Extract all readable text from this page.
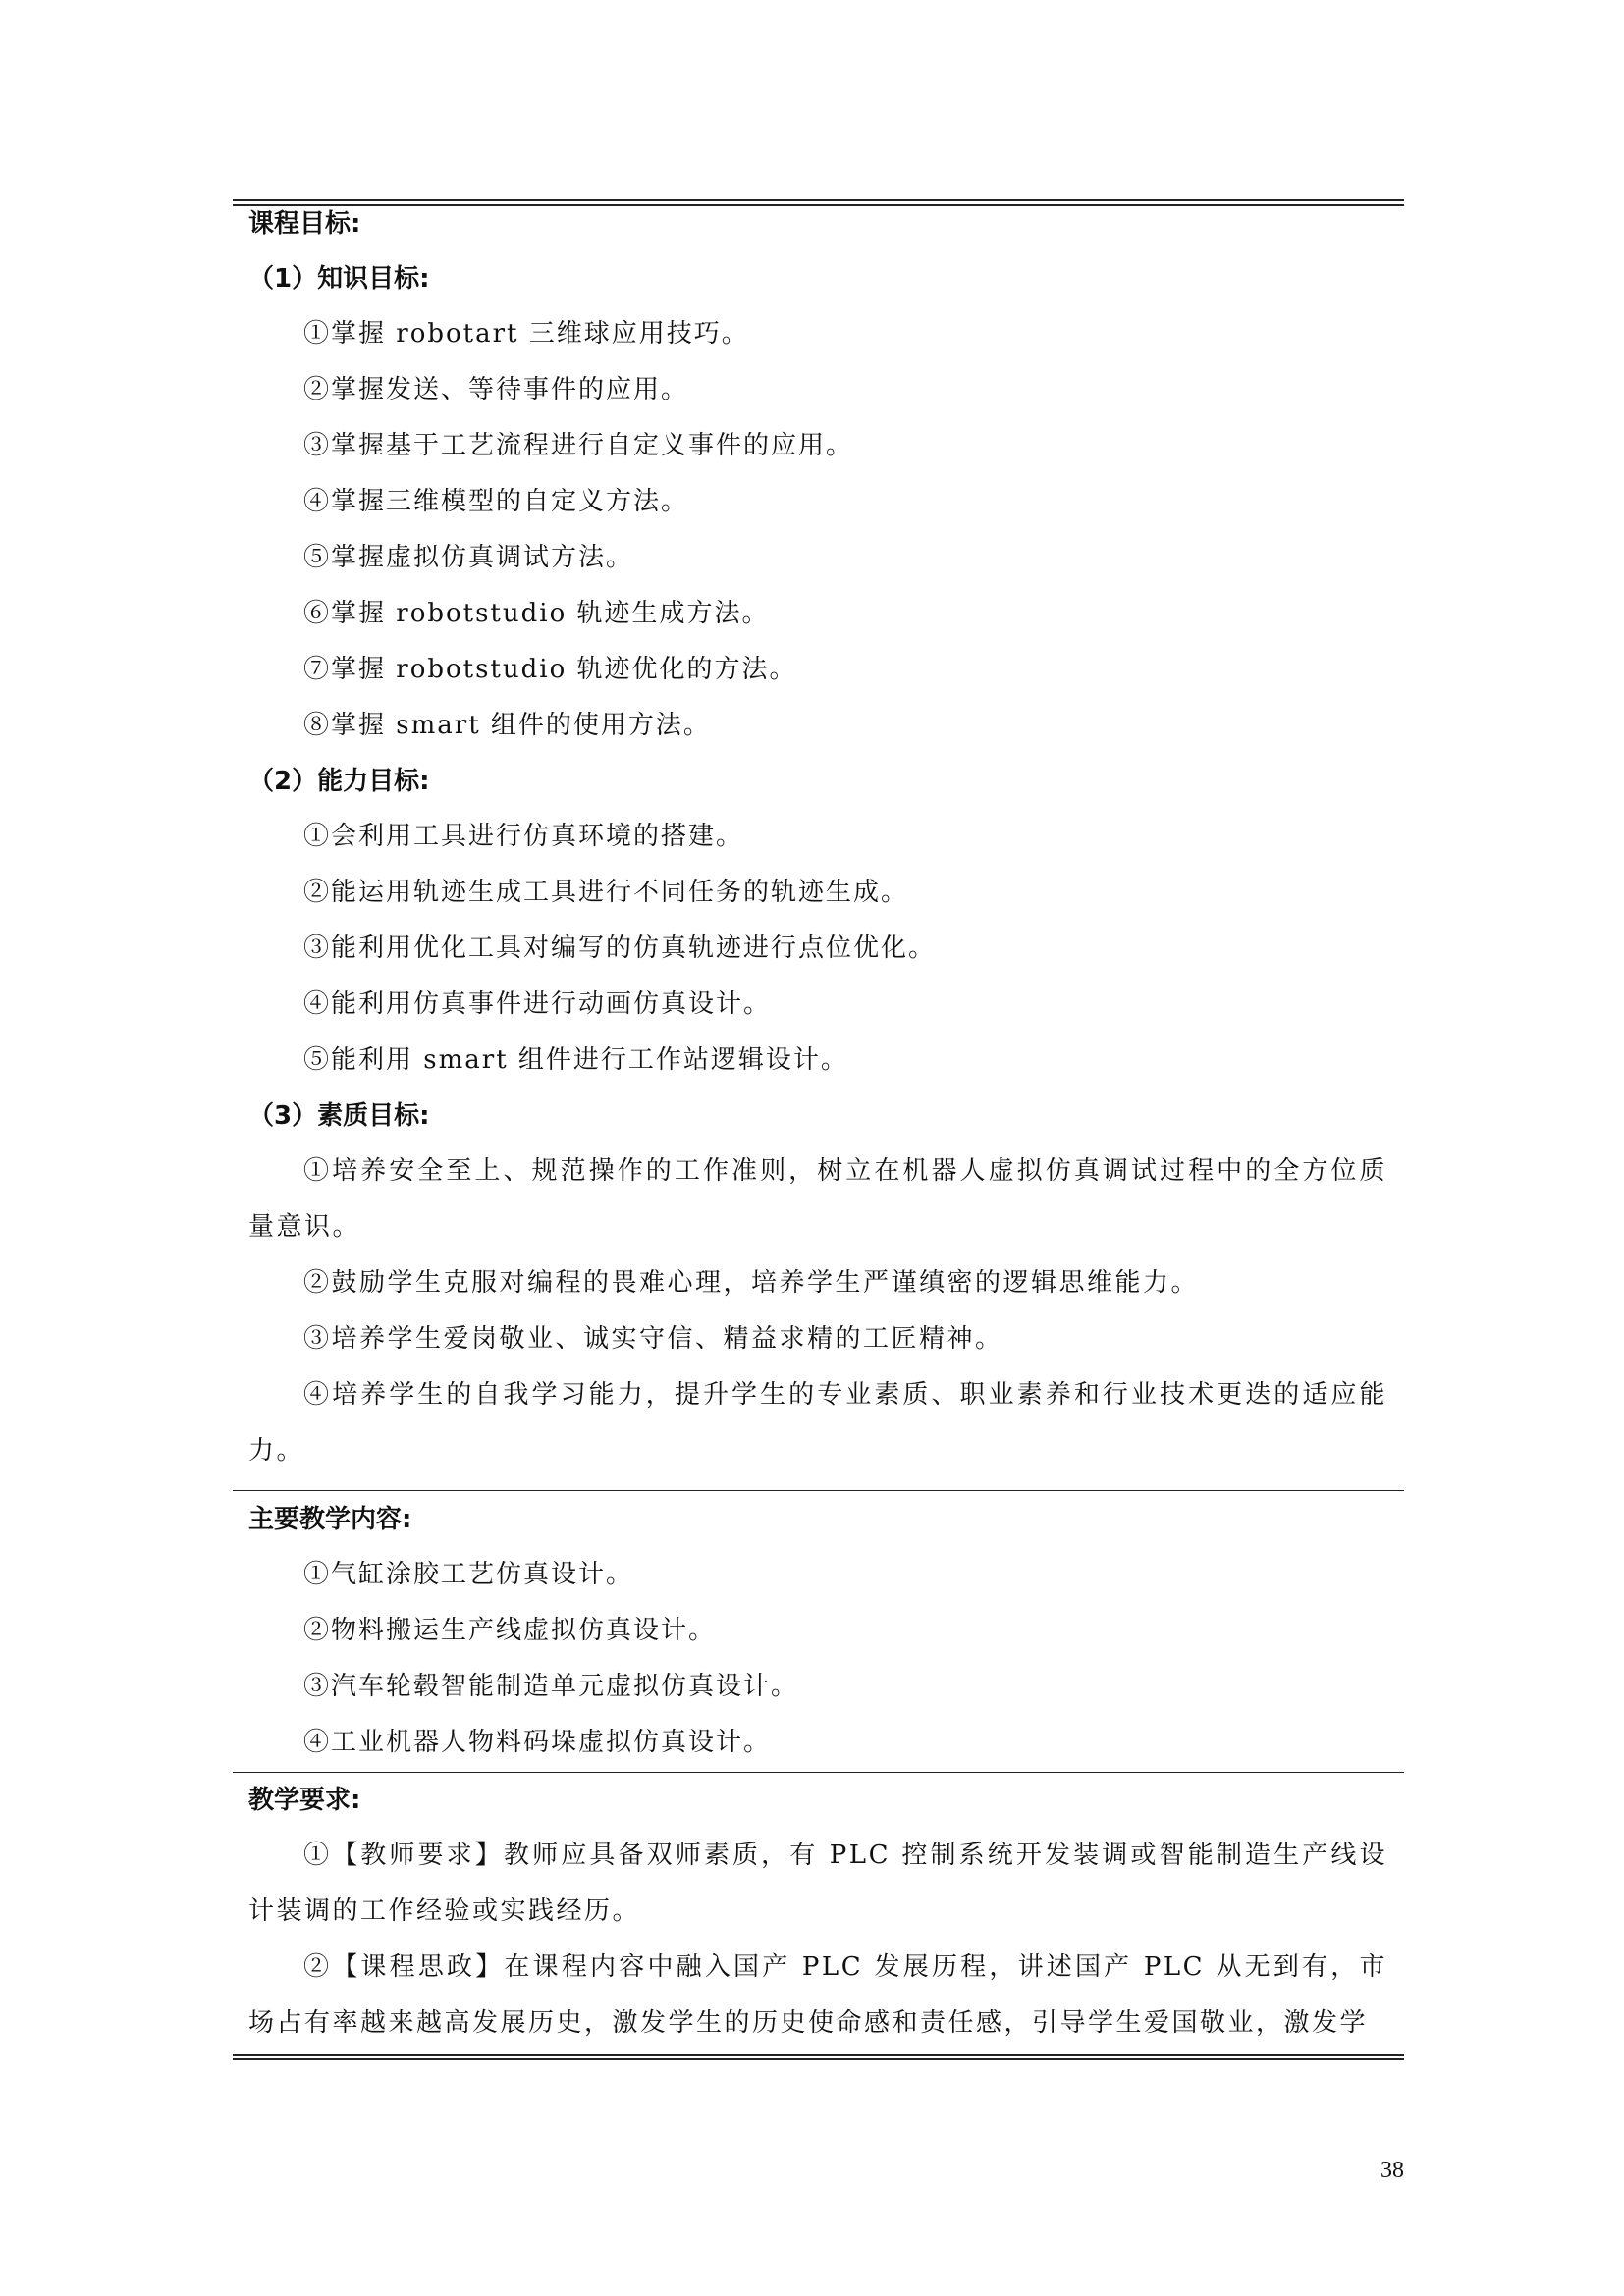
课程目标:
（1）知识目标:
①掌握 robotart 三维球应用技巧。
②掌握发送、等待事件的应用。
③掌握基于工艺流程进行自定义事件的应用。
④掌握三维模型的自定义方法。
⑤掌握虚拟仿真调试方法。
⑥掌握 robotstudio 轨迹生成方法。
⑦掌握 robotstudio 轨迹优化的方法。
⑧掌握 smart 组件的使用方法。
（2）能力目标:
①会利用工具进行仿真环境的搭建。
②能运用轨迹生成工具进行不同任务的轨迹生成。
③能利用优化工具对编写的仿真轨迹进行点位优化。
④能利用仿真事件进行动画仿真设计。
⑤能利用 smart 组件进行工作站逻辑设计。
（3）素质目标:
①培养安全至上、规范操作的工作准则，树立在机器人虚拟仿真调试过程中的全方位质量意识。
②鼓励学生克服对编程的畏难心理，培养学生严谨缜密的逻辑思维能力。
③培养学生爱岗敬业、诚实守信、精益求精的工匠精神。
④培养学生的自我学习能力，提升学生的专业素质、职业素养和行业技术更迭的适应能力。
主要教学内容:
①气缸涂胶工艺仿真设计。
②物料搬运生产线虚拟仿真设计。
③汽车轮毂智能制造单元虚拟仿真设计。
④工业机器人物料码垛虚拟仿真设计。
教学要求:
①【教师要求】教师应具备双师素质，有 PLC 控制系统开发装调或智能制造生产线设计装调的工作经验或实践经历。
②【课程思政】在课程内容中融入国产 PLC 发展历程，讲述国产 PLC 从无到有，市场占有率越来越高发展历史，激发学生的历史使命感和责任感，引导学生爱国敬业，激发学
38
